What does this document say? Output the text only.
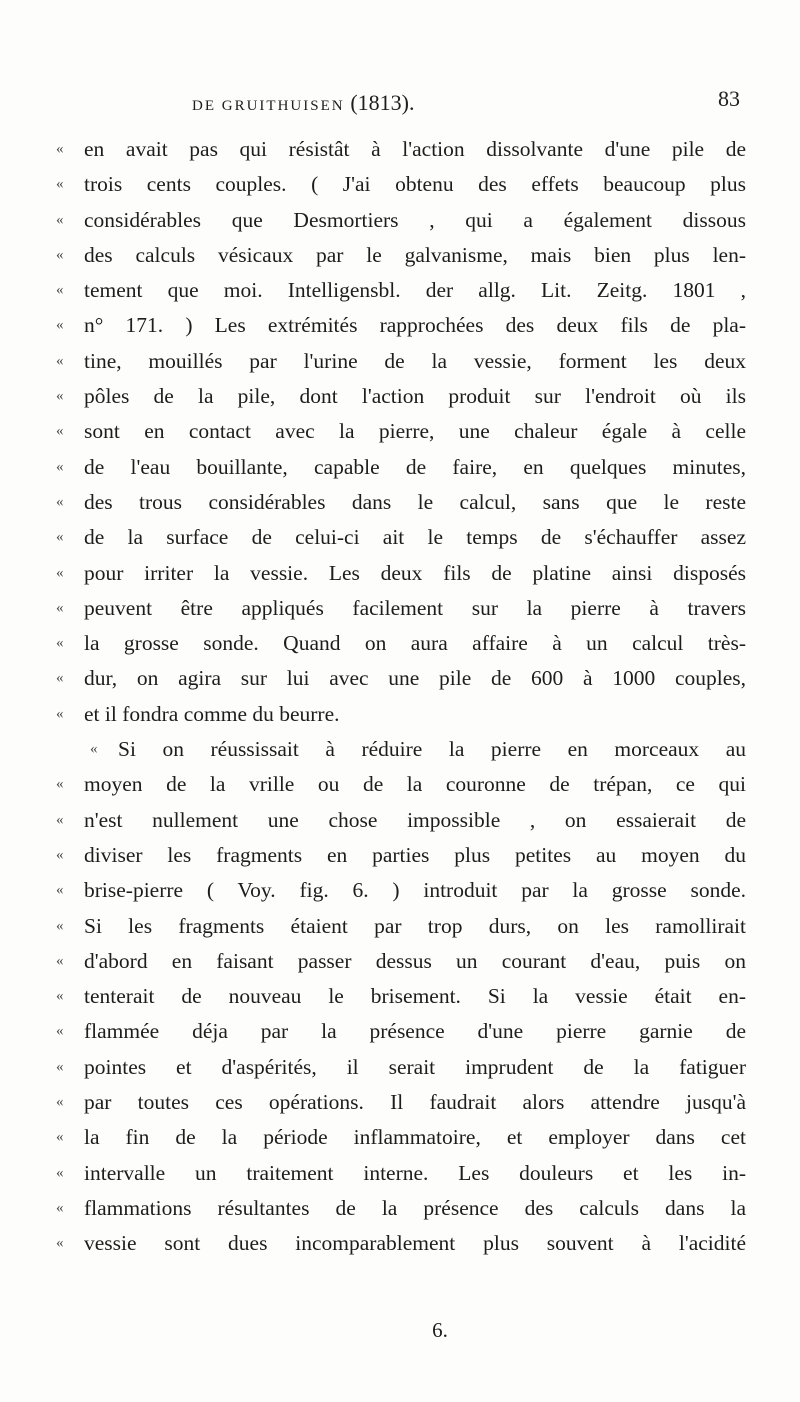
DE GRUITHUISEN (1813).	83
« en avait pas qui résistât à l'action dissolvante d'une pile de
« trois cents couples. ( J'ai obtenu des effets beaucoup plus
« considérables que Desmortiers , qui a également dissous
« des calculs vésicaux par le galvanisme, mais bien plus len-
« tement que moi. Intelligensbl. der allg. Lit. Zeitg. 1801 ,
« n° 171. ) Les extrémités rapprochées des deux fils de pla-
« tine, mouillés par l'urine de la vessie, forment les deux
« pôles de la pile, dont l'action produit sur l'endroit où ils
« sont en contact avec la pierre, une chaleur égale à celle
« de l'eau bouillante, capable de faire, en quelques minutes,
« des trous considérables dans le calcul, sans que le reste
« de la surface de celui-ci ait le temps de s'échauffer assez
« pour irriter la vessie. Les deux fils de platine ainsi disposés
« peuvent être appliqués facilement sur la pierre à travers
« la grosse sonde. Quand on aura affaire à un calcul très-
« dur, on agira sur lui avec une pile de 600 à 1000 couples,
« et il fondra comme du beurre.
« Si on réussissait à réduire la pierre en morceaux au
« moyen de la vrille ou de la couronne de trépan, ce qui
« n'est nullement une chose impossible , on essaierait de
« diviser les fragments en parties plus petites au moyen du
« brise-pierre ( Voy. fig. 6. ) introduit par la grosse sonde.
« Si les fragments étaient par trop durs, on les ramollirait
« d'abord en faisant passer dessus un courant d'eau, puis on
« tenterait de nouveau le brisement. Si la vessie était en-
« flammée déja par la présence d'une pierre garnie de
« pointes et d'aspérités, il serait imprudent de la fatiguer
« par toutes ces opérations. Il faudrait alors attendre jusqu'à
« la fin de la période inflammatoire, et employer dans cet
« intervalle un traitement interne. Les douleurs et les in-
« flammations résultantes de la présence des calculs dans la
« vessie sont dues incomparablement plus souvent à l'acidité
6.
